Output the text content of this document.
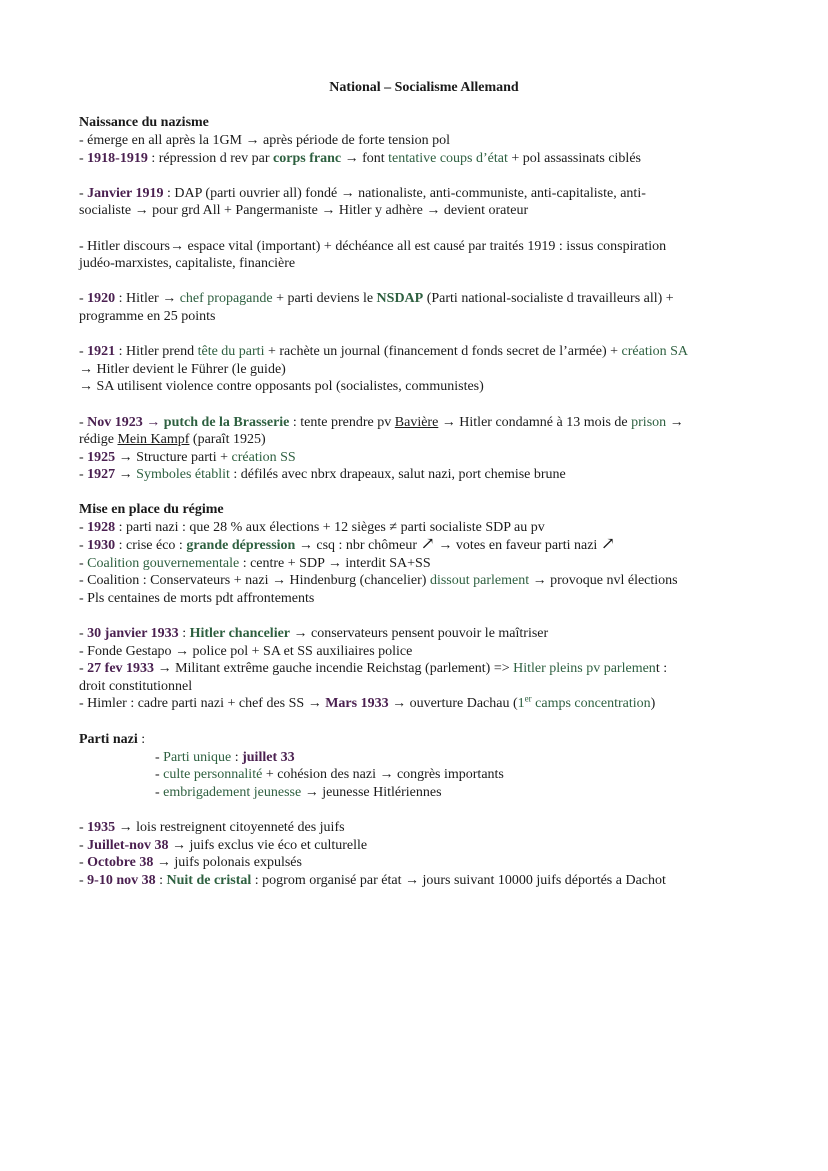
National – Socialisme Allemand

Naissance du nazisme

- émerge en all après la 1GM → après période de forte tension pol

- 1918-1919 : répression d rev par corps franc → font tentative coups d’état + pol assassinats ciblés

- Janvier 1919 : DAP (parti ouvrier all) fondé → nationaliste, anti-communiste, anti-capitaliste, anti-

socialiste → pour grd All + Pangermaniste → Hitler y adhère → devient orateur

- Hitler discours→ espace vital (important) + déchéance all est causé par traités 1919 : issus conspiration

judéo-marxistes, capitaliste, financière

- 1920 : Hitler → chef propagande + parti deviens le NSDAP (Parti national-socialiste d travailleurs all) +

programme en 25 points

- 1921 : Hitler prend tête du parti + rachète un journal (financement d fonds secret de l’armée) + création SA

→ Hitler devient le Führer (le guide)

→ SA utilisent violence contre opposants pol (socialistes, communistes)

- Nov 1923 → putch de la Brasserie : tente prendre pv Bavière → Hitler condamné à 13 mois de prison →

rédige Mein Kampf (paraît 1925)

- 1925 → Structure parti + création SS

- 1927 → Symboles établit : défilés avec nbrx drapeaux, salut nazi, port chemise brune

Mise en place du régime

- 1928 : parti nazi : que 28 % aux élections + 12 sièges ≠ parti socialiste SDP au pv

- 1930 : crise éco : grande dépression → csq : nbr chômeur ↗ → votes en faveur parti nazi ↗

- Coalition gouvernementale : centre + SDP → interdit SA+SS

- Coalition : Conservateurs + nazi → Hindenburg (chancelier) dissout parlement → provoque nvl élections

- Pls centaines de morts pdt affrontements

- 30 janvier 1933 : Hitler chancelier → conservateurs pensent pouvoir le maîtriser

- Fonde Gestapo → police pol + SA et SS auxiliaires police

- 27 fev 1933 → Militant extrême gauche incendie Reichstag (parlement) => Hitler pleins pv parlement :

droit constitutionnel

- Himler : cadre parti nazi + chef des SS → Mars 1933 → ouverture Dachau (1er camps concentration)

Parti nazi :

- Parti unique : juillet 33

- culte personnalité + cohésion des nazi → congrès importants

- embrigadement jeunesse → jeunesse Hitlériennes

- 1935 → lois restreignent citoyenneté des juifs

- Juillet-nov 38 → juifs exclus vie éco et culturelle

- Octobre 38 → juifs polonais expulsés

- 9-10 nov 38 : Nuit de cristal : pogrom organisé par état → jours suivant 10000 juifs déportés a Dachot
